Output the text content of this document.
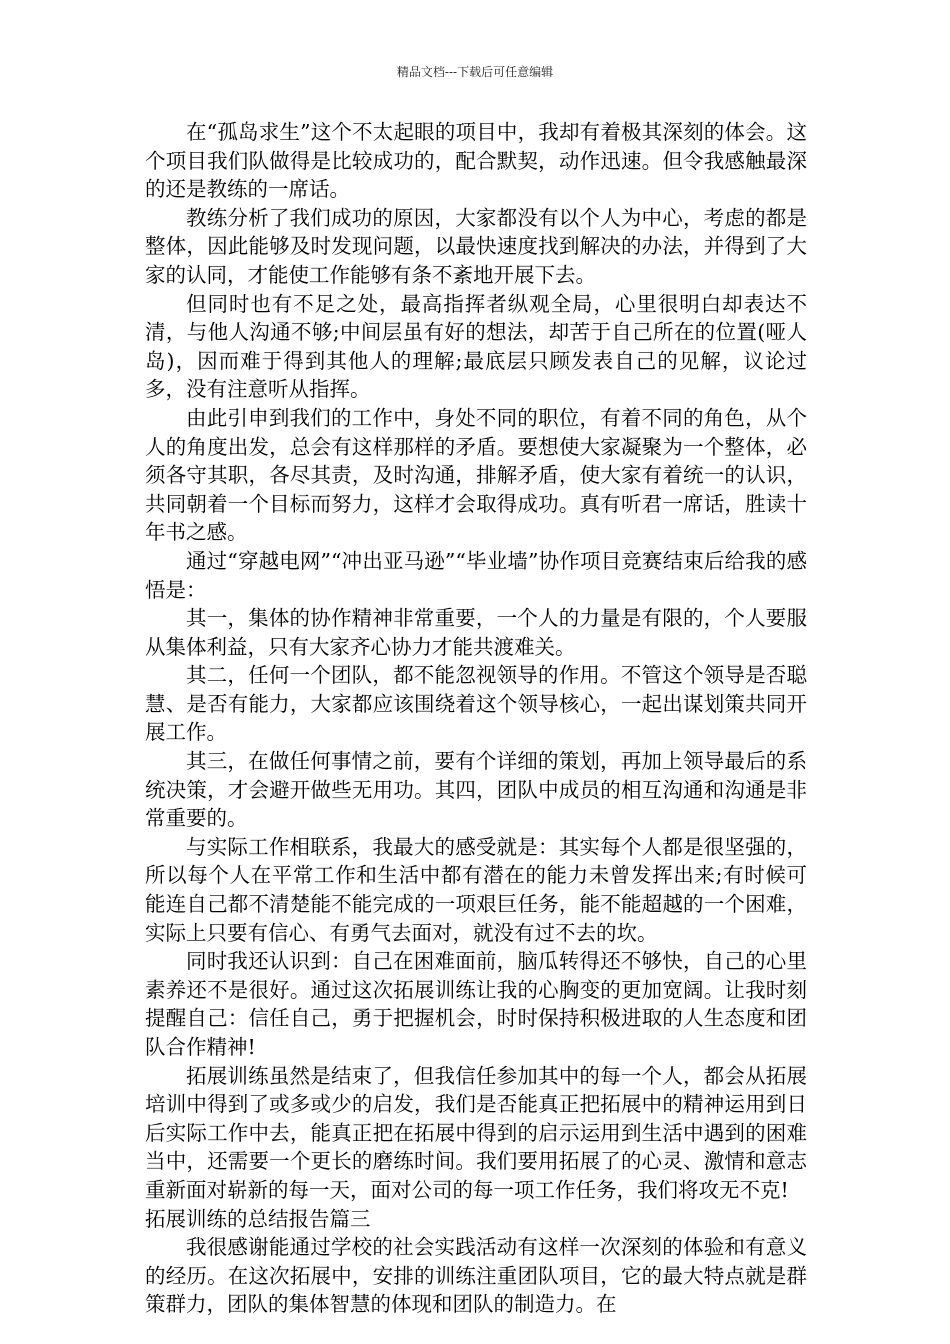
精品文档---下载后可任意编辑

在“孤岛求生”这个不太起眼的项目中，我却有着极其深刻的体会。这个项目我们队做得是比较成功的，配合默契，动作迅速。但令我感触最深的还是教练的一席话。

教练分析了我们成功的原因，大家都没有以个人为中心，考虑的都是整体，因此能够及时发现问题，以最快速度找到解决的办法，并得到了大家的认同，才能使工作能够有条不紊地开展下去。

但同时也有不足之处，最高指挥者纵观全局，心里很明白却表达不清，与他人沟通不够;中间层虽有好的想法，却苦于自己所在的位置(哑人岛)，因而难于得到其他人的理解;最底层只顾发表自己的见解，议论过多，没有注意听从指挥。

由此引申到我们的工作中，身处不同的职位，有着不同的角色，从个人的角度出发，总会有这样那样的矛盾。要想使大家凝聚为一个整体，必须各守其职，各尽其责，及时沟通，排解矛盾，使大家有着统一的认识，共同朝着一个目标而努力，这样才会取得成功。真有听君一席话，胜读十年书之感。

通过“穿越电网”“冲出亚马逊”“毕业墙”协作项目竞赛结束后给我的感悟是：

其一，集体的协作精神非常重要，一个人的力量是有限的，个人要服从集体利益，只有大家齐心协力才能共渡难关。

其二，任何一个团队，都不能忽视领导的作用。不管这个领导是否聪慧、是否有能力，大家都应该围绕着这个领导核心，一起出谋划策共同开展工作。

其三，在做任何事情之前，要有个详细的策划，再加上领导最后的系统决策，才会避开做些无用功。其四，团队中成员的相互沟通和沟通是非常重要的。

与实际工作相联系，我最大的感受就是：其实每个人都是很坚强的，所以每个人在平常工作和生活中都有潜在的能力未曾发挥出来;有时候可能连自己都不清楚能不能完成的一项艰巨任务，能不能超越的一个困难，实际上只要有信心、有勇气去面对，就没有过不去的坎。

同时我还认识到：自己在困难面前，脑瓜转得还不够快，自己的心里素养还不是很好。通过这次拓展训练让我的心胸变的更加宽阔。让我时刻提醒自己：信任自己，勇于把握机会，时时保持积极进取的人生态度和团队合作精神!

拓展训练虽然是结束了，但我信任参加其中的每一个人，都会从拓展培训中得到了或多或少的启发，我们是否能真正把拓展中的精神运用到日后实际工作中去，能真正把在拓展中得到的启示运用到生活中遇到的困难当中，还需要一个更长的磨练时间。我们要用拓展了的心灵、激情和意志重新面对崭新的每一天，面对公司的每一项工作任务，我们将攻无不克!

拓展训练的总结报告篇三

我很感谢能通过学校的社会实践活动有这样一次深刻的体验和有意义的经历。在这次拓展中，安排的训练注重团队项目，它的最大特点就是群策群力，团队的集体智慧的体现和团队的制造力。在
